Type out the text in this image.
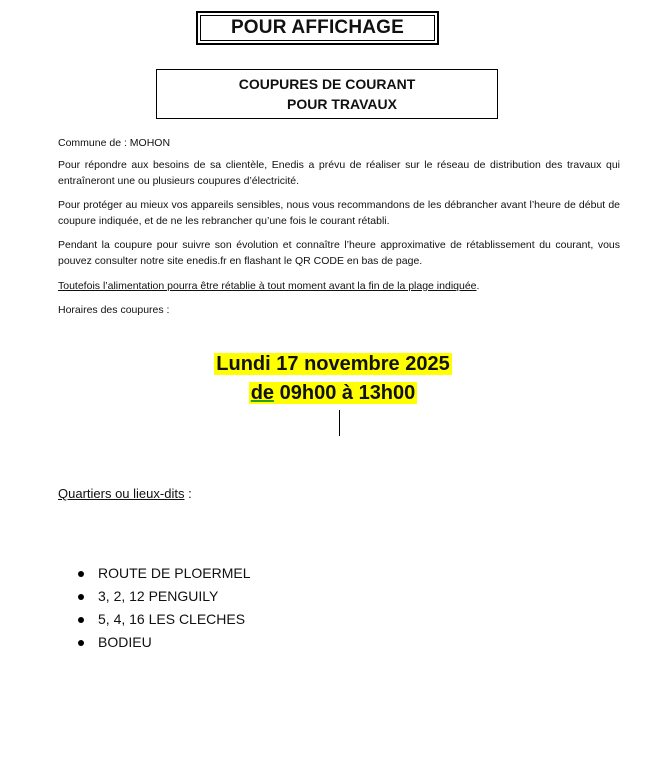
POUR AFFICHAGE
COUPURES DE COURANT
POUR TRAVAUX
Commune de : MOHON
Pour répondre aux besoins de sa clientèle, Enedis a prévu de réaliser sur le réseau de distribution des travaux qui entraîneront une ou plusieurs coupures d’électricité.
Pour protéger au mieux vos appareils sensibles, nous vous recommandons de les débrancher avant l’heure de début de coupure indiquée, et de ne les rebrancher qu’une fois le courant rétabli.
Pendant la coupure pour suivre son évolution et connaître l’heure approximative de rétablissement du courant, vous pouvez consulter notre site enedis.fr en flashant le QR CODE en bas de page.
Toutefois l’alimentation pourra être rétablie à tout moment avant la fin de la plage indiquée.
Horaires des coupures :
Lundi 17 novembre 2025
de 09h00 à 13h00
Quartiers ou lieux-dits :
ROUTE DE PLOERMEL
3, 2, 12 PENGUILY
5, 4, 16 LES CLECHES
BODIEU
